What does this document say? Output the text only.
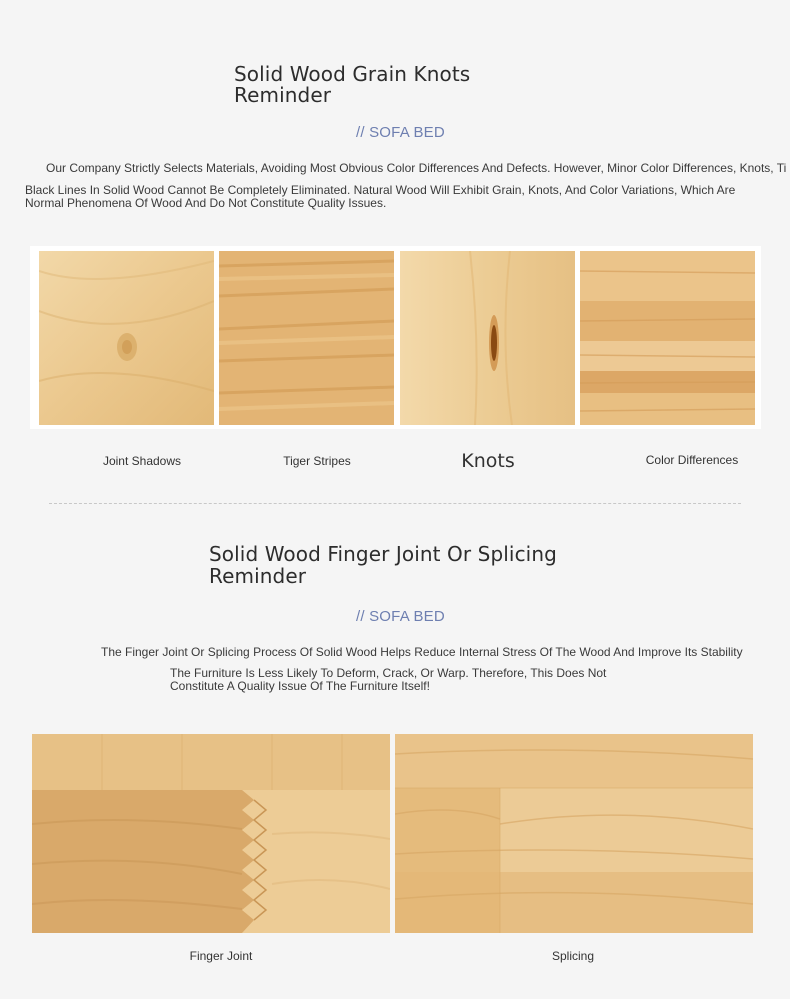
Solid Wood Grain Knots
Reminder
// SOFA BED
Our Company Strictly Selects Materials, Avoiding Most Obvious Color Differences And Defects. However, Minor Color Differences, Knots, Ti
Black Lines In Solid Wood Cannot Be Completely Eliminated. Natural Wood Will Exhibit Grain, Knots, And Color Variations, Which Are
Normal Phenomena Of Wood And Do Not Constitute Quality Issues.
Joint Shadows	Tiger Stripes	Knots	Color Differences
Solid Wood Finger Joint Or Splicing
Reminder
// SOFA BED
The Finger Joint Or Splicing Process Of Solid Wood Helps Reduce Internal Stress Of The Wood And Improve Its Stability
The Furniture Is Less Likely To Deform, Crack, Or Warp. Therefore, This Does Not
Constitute A Quality Issue Of The Furniture Itself!
Finger Joint	Splicing
